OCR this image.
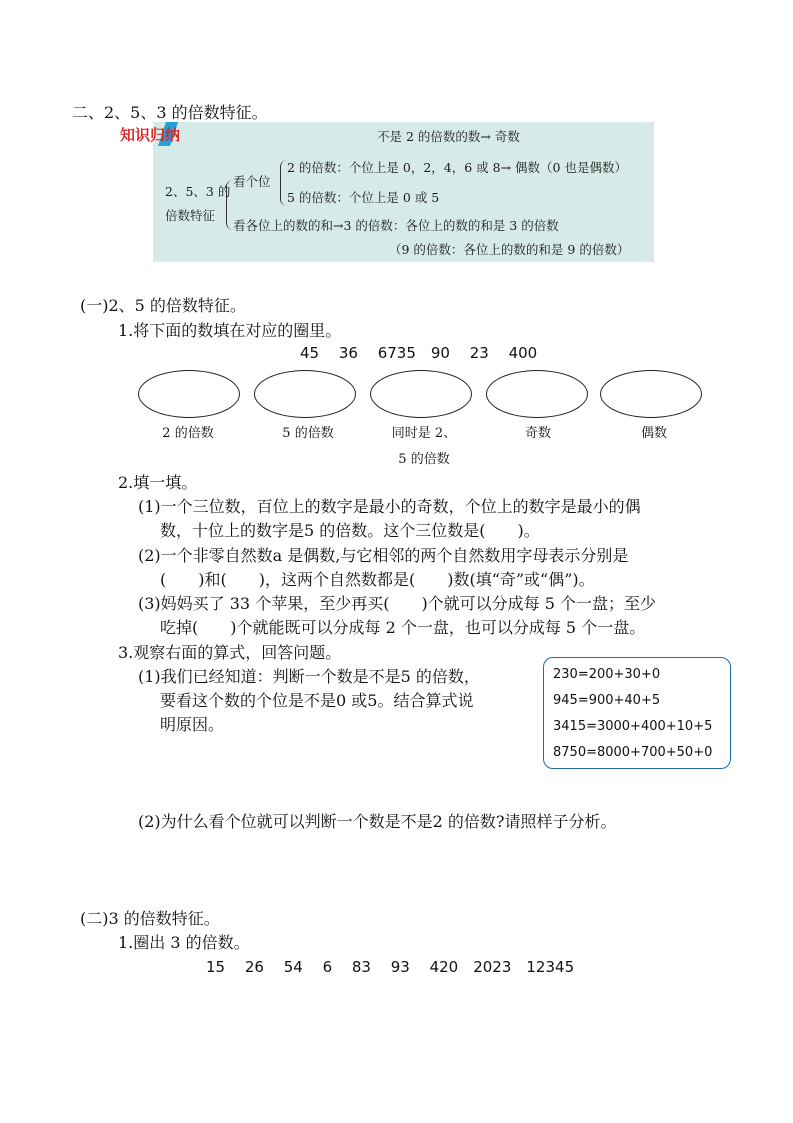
二、2、5、3 的倍数特征。
知识归纳	不是 2 的倍数的数→ 奇数
2、5、3 的
倍数特征
看个位
2 的倍数：个位上是 0，2，4，6 或 8→ 偶数（0 也是偶数）
5 的倍数：个位上是 0 或 5
看各位上的数的和→3 的倍数：各位上的数的和是 3 的倍数
（9 的倍数：各位上的数的和是 9 的倍数）
(一)2、5 的倍数特征。
1.将下面的数填在对应的圈里。
45　 36　 6735　90　 23　 400
2 的倍数	5 的倍数	同时是 2、
5 的倍数
奇数	偶数
2.填一填。
(1)一个三位数，百位上的数字是最小的奇数，个位上的数字是最小的偶
数，十位上的数字是5 的倍数。这个三位数是(　　)。
(2)一个非零自然数a 是偶数,与它相邻的两个自然数用字母表示分别是
(　　)和(　　)，这两个自然数都是(　　)数(填“奇”或“偶”)。
(3)妈妈买了 33 个苹果，至少再买(　　)个就可以分成每 5 个一盘；至少
吃掉(　　)个就能既可以分成每 2 个一盘，也可以分成每 5 个一盘。
3.观察右面的算式，回答问题。
(1)我们已经知道：判断一个数是不是5 的倍数，
要看这个数的个位是不是0 或5。结合算式说
明原因。
230=200+30+0
945=900+40+5
3415=3000+400+10+5
8750=8000+700+50+0
(2)为什么看个位就可以判断一个数是不是2 的倍数?请照样子分析。
(二)3 的倍数特征。
1.圈出 3 的倍数。
15　 26　 54　 6　 83　 93　 420　2023　12345
